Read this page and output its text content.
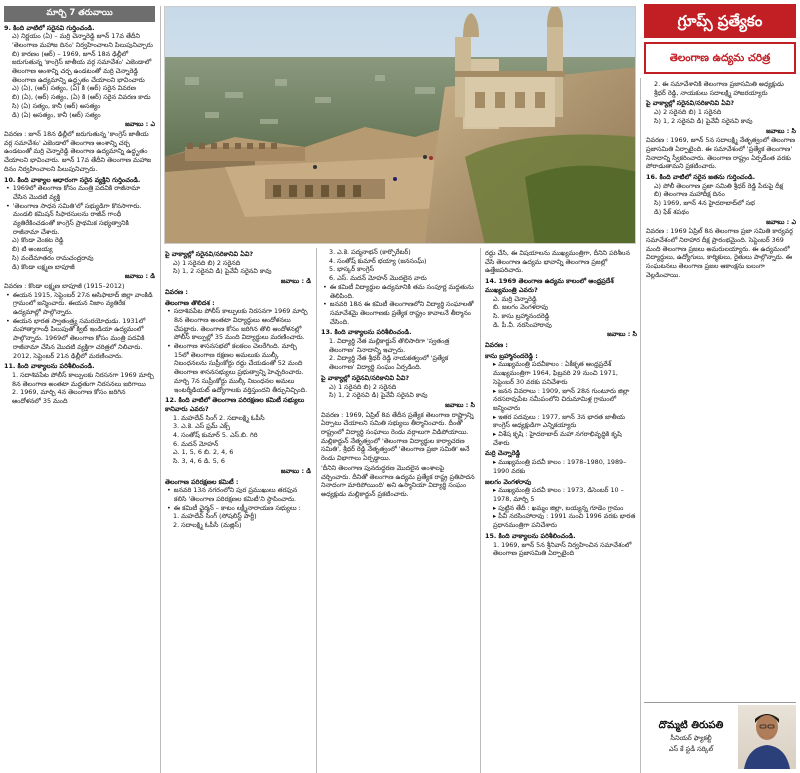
మార్చి 7 తరువాయి
9. కింది వాటిలో సరైనవి గుర్తించండి.
ఎ) నిర్ణయం (ఏ) – మర్రి చెన్నారెడ్డి జూన్ 17వ తేదీని 'తెలంగాణ మహాజ దినం' నిర్వహించాలని పిలుపునిచ్చారు
బి) కారణం (ఆర్) – 1969, జూన్ 18న ఢిల్లీలో జరుగుతున్న 'కాంగ్రెస్ జాతీయ వర్గ సమావేశం' ఎజెండాలో తెలంగాణ అంశాన్ని చర్చ ఉండటంతో మర్రి చెన్నారెడ్డి తెలంగాణ ఉద్యమాన్ని ఉద్ధృతం చేయాలని భావించారు
ఎ) (ఏ), (ఆర్) సత్యం, (ఏ) కి (ఆర్) సరైన వివరణ
బి) (ఏ), (ఆర్) సత్యం, (ఏ) కి (ఆర్) సరైన వివరణ కాదు
సి) (ఏ) సత్యం, కానీ (ఆర్) అసత్యం
డి) (ఏ) అసత్యం, కానీ (ఆర్) సత్యం
జవాబు : ఎ
వివరణ : జూన్ 18న ఢిల్లీలో జరుగుతున్న 'కాంగ్రెస్ జాతీయ వర్గ సమావేశం' ఎజెండాలో తెలంగాణ అంశాన్ని చర్చ ఉండటంతో మర్రి చెన్నారెడ్డి తెలంగాణ ఉద్యమాన్ని ఉద్ధృతం చేయాలని భావించారు. జూన్ 17వ తేదీని తెలంగాణ మహాజ దినం నిర్వహించాలని పిలుపునిచ్చారు.
10. కింది వాక్యాల ఆధారంగా సరైన వ్యక్తిని గుర్తించండి.
• 1969లో తెలంగాణ కోసం మంత్రి పదవికి రాజీనామా చేసిన మొదటి వ్యక్తి
• 'తెలంగాణ సాధన సమితి'లో సభ్యుడిగా కొనసాగారు. మండలి కమిషన్ సిఫారసులను రాజీవ్ గాంధీ వ్యతిరేకించడంతో కాంగ్రెస్ ప్రాథమిక సభ్యత్వానికి రాజీనామా చేశారు.
ఎ) కొండా వెంకట రెడ్డి
బి) టి అంజయ్య
సి) వందేమాతరం రామచంద్రరావు
డి) కొండా లక్ష్మణ బాపూజీ
జవాబు : డి
వివరణ : కొండా లక్ష్మణ బాపూజీ (1915–2012)
• ఈయన 1915, సెప్టెంబర్ 27న ఆసిఫాబాద్ జిల్లా వాంకిడి గ్రామంలో జన్మించారు. ఈయన నిజాం వ్యతిరేక ఉద్యమాల్లో పాల్గొన్నారు.
• ఈయన భారత స్వాతంత్ర్య సమరయోధుడు. 1931లో మహాత్మాగాంధీ పిలుపుతో క్విట్ ఇండియా ఉద్యమంలో పాల్గొన్నారు. 1969లో తెలంగాణ కోసం మంత్రి పదవికి రాజీనామా చేసిన మొదటి వ్యక్తిగా చరిత్రలో నిలిచారు. 2012, సెప్టెంబర్ 21న ఢిల్లీలో మరణించారు.
11. కింది వాక్యాలను పరిశీలించండి.
1. సదాశివపేట పోలీస్ కాల్పులకు నిరసనగా 1969 మార్చి 8న తెలంగాణ అంతటా మద్దతుగా నిరసనలు జరిగాయి
2. 1969, మార్చి 4న తెలంగాణ కోసం జరిగిన ఆందోళనలో 35 మంది
గ్రూప్స్ ప్రత్యేకం
తెలంగాణ ఉద్యమ చరిత్ర
పై వాక్యాల్లో సరైనవి/సరికానివి ఏవి?
ఎ) 1 సరైనది బి) 2 సరైనది
సి) 1, 2 సరైనవి డి) పైవేవీ సరైనవి కావు
జవాబు : డి
వివరణ :
తెలంగాణ తొలిదశ :
• సదాశివపేట పోలీస్ కాల్పులకు నిరసనగా 1969 మార్చి 8న తెలంగాణ అంతటా విద్యార్థులు ఆందోళనలు చేపట్టారు. తెలంగాణ కోసం జరిగిన తొలి ఆందోళనల్లో పోలీస్ కాల్పుల్లో 35 మంది విద్యార్థులు మరణించారు.
• తెలంగాణ శాసనసభలో కలకలం చెలరేగింది. మార్చి 15లో తెలంగాణ రక్షణల అమలుకు ముల్కీ నిబంధనలను సుప్రీంకోర్టు రద్దు చేయడంతో 52 మంది తెలంగాణ శాసనసభ్యులు ప్రభుత్వాన్ని హెచ్చరించారు. మార్చి 7న సుప్రీంకోర్టు ముల్కీ నిబంధనల అమలు ఇంటర్మీడియట్ ఉద్యోగాలకు వర్తిస్తుందని తీర్పునిచ్చింది.
12. కింది వాటిలో తెలంగాణ పరిరక్షణల కమిటీ సభ్యులు కానివారు ఎవరు?
1. మహదేవ్ సింగ్ 2. సదాలక్ష్మి ఓపీసీ
3. ఎ.కె. ఎస్ ఫ్రమ్ ఎక్స్
4. సంతోష్ కుమార్ 5. ఎస్.బి. గిరి
6. మదన్ మోహన్
ఎ. 1, 5, 6 బి. 2, 4, 6
సి. 3, 4, 6 డి. 5, 6
జవాబు : డి
తెలంగాణ పరిరక్షణల కమిటీ :
• జనవరి 13న నగరంలోని పుర ప్రముఖులు తరఫున కలిసి 'తెలంగాణ పరిరక్షణల కమిటీ'ని స్థాపించారు.
• ఈ కమిటీ ఛైర్మన్ – కాటం లక్ష్మీనారాయణ సభ్యులు :
1. మహదేవ్ సింగ్ (సోషలిస్ట్ పార్టీ)
2. సదాలక్ష్మి ఓపీసీ (మజ్లిస్)
3. ఎ.కె. పద్మనాభన్ (కార్పొరేటర్)
4. సంతోష్ కుమార్ భయ్యా (జనసంఘ్)
5. భాస్కర్ కాంగ్రెస్
6. ఎస్. మదన్ మోహన్ మొదలైన వారు
• ఈ కమిటీ విద్యార్థుల ఉద్యమానికి తమ సంపూర్ణ మద్దతును తెలిపింది.
• జనవరి 18న ఈ కమిటీ తెలంగాణలోని విద్యార్థి సంఘాలతో సమావేశమై తెలంగాణకు ప్రత్యేక రాష్ట్రం కావాలనే తీర్మానం చేసింది.
13. కింది వాక్యాలను పరిశీలించండి.
1. విద్యార్థి నేత మల్లికార్జున్ తొలిసారిగా 'స్వతంత్ర తెలంగాణ' నినాదాన్ని ఇచ్చారు.
2. విద్యార్థి నేత శ్రీధర్ రెడ్డి నాయకత్వంలో 'ప్రత్యేక తెలంగాణ' విద్యార్థి సంఘం ఏర్పడింది.
పై వాక్యాల్లో సరైనవి/సరికానివి ఏవి?
ఎ) 1 సరైనది బి) 2 సరైనది
సి) 1, 2 సరైనవి డి) పైవేవీ సరైనవి కావు
జవాబు : సి
వివరణ : 1969, ఏప్రిల్ 8వ తేదీన ప్రత్యేక తెలంగాణ రాష్ట్రాన్ని ఏర్పాటు చేయాలని సమితి సభ్యులు తీర్మానించారు. దీంతో రాష్ట్రంలో విద్యార్థి సంఘాలు రెండు వర్గాలుగా విడిపోయాయి. మల్లికార్జున్ నేతృత్వంలో 'తెలంగాణ విద్యార్థుల కార్యాచరణ సమితి', శ్రీధర్ రెడ్డి నేతృత్వంలో 'తెలంగాణ ప్రజా సమితి' అనే రెండు విభాగాలు ఏర్పడ్డాయి.
'దీనిని తెలంగాణ పునరుద్ధరణ మొదలైన అంశాలపై చర్చించారు. దీనితో తెలంగాణ ఉద్యమ ప్రత్యేక రాష్ట్ర ప్రతిపాదన నినాదంగా మారిపోయింది' అని ఉస్మానియా విద్యార్థి సంఘం అధ్యక్షుడు మల్లికార్జున్ ప్రకటించారు.
రద్దు చేసి, ఈ విషయాలను ముఖ్యమంత్రిగా, దీనిని పరిశీలన చేసి తెలంగాణ ఉద్యమ భావాన్ని తెలంగాణ ప్రజల్లో ఉత్తేజపరిచారు.
14. 1969 తెలంగాణ ఉద్యమ కాలంలో ఆంధ్రప్రదేశ్ ముఖ్యమంత్రి ఎవరు?
ఎ. మర్రి చెన్నారెడ్డి
బి. జలగం వెంగళరావు
సి. కాసు బ్రహ్మానందరెడ్డి
డి. పీ.వీ. నరసింహారావు
జవాబు : సి
వివరణ :
కాసు బ్రహ్మానందరెడ్డి :
▸ ముఖ్యమంత్రి పదవీకాలం : ఏకీకృత ఆంధ్రప్రదేశ్ ముఖ్యమంత్రిగా 1964, ఫిబ్రవరి 29 నుంచి 1971, సెప్టెంబర్ 30 వరకు పనిచేశారు
▸ జనన వివరాలు : 1909, జూన్ 28న గుంటూరు జిల్లా నరసరావుపేట సమీపంలోని చిరుమామిళ్ల గ్రామంలో జన్మించారు
▸ ఇతర పదవులు : 1977, జూన్ 3న భారత జాతీయ కాంగ్రెస్ అధ్యక్షుడిగా ఎన్నికయ్యారు
▸ విశేష కృషి : హైదరాబాద్ మహా నగరాభివృద్ధికి కృషి చేశారు
మర్రి చెన్నారెడ్డి
▸ ముఖ్యమంత్రి పదవీ కాలం : 1978–1980, 1989–1990 వరకు
జలగం వెంగళరావు
▸ ముఖ్యమంత్రి పదవీ కాలం : 1973, డిసెంబర్ 10 – 1978, మార్చి 5
▸ పుట్టిన తేదీ : ఖమ్మం జిల్లా, బయ్యన్న గూడెం గ్రామం
▸ పీవీ నరసింహారావు : 1991 నుంచి 1996 వరకు భారత ప్రధానమంత్రిగా పనిచేశారు
15. కింది వాక్యాలను పరిశీలించండి.
1. 1969, జూన్ 5న శ్రీనివాస్ నిర్వహించిన సమావేశంలో తెలంగాణ ప్రజాసమితి ఏర్పాటైంది
2. ఈ సమావేశానికి తెలంగాణ ప్రజాసమితి అధ్యక్షుడు శ్రీధర్ రెడ్డి, నాయకులు సదాలక్ష్మి హాజరయ్యారు
పై వాక్యాల్లో సరైనవి/సరికానివి ఏవి?
ఎ) 2 సరైనది బి) 1 సరైనది
సి) 1, 2 సరైనవి డి) పైవేవీ సరైనవి కావు
జవాబు : సి
వివరణ : 1969, జూన్ 5న సదాలక్ష్మి నేతృత్వంలో తెలంగాణ ప్రజాసమితి ఏర్పాటైంది. ఈ సమావేశంలో 'ప్రత్యేక తెలంగాణ' నినాదాన్ని స్వీకరించారు. తెలంగాణ రాష్ట్రం ఏర్పడేంత వరకు పోరాడుతామని ప్రకటించారు.
16. కింది వాటిలో సరైన జతను గుర్తించండి.
ఎ) పోలీ తెలంగాణ ప్రజా సమితి శ్రీధర్ రెడ్డి పేరుపై దీక్ష
బి) తెలంగాణ మహాదీక్ష దినం
సి) 1969, జూన్ 4న హైదరాబాద్‌లో సభ
డి) ఫేక్ శపథం
జవాబు : ఎ
వివరణ : 1969 ఏప్రిల్ 8న తెలంగాణ ప్రజా సమితి కార్యవర్గ సమావేశంలో నిరాహార దీక్ష ప్రారంభమైంది. సెప్టెంబర్ 369 మంది తెలంగాణ ప్రజలు అమరులయ్యారు. ఈ ఉద్యమంలో విద్యార్థులు, ఉద్యోగులు, కార్మికులు, రైతులు పాల్గొన్నారు. ఈ సంఘటనలు తెలంగాణ ప్రజల ఆకాంక్షను బలంగా వెల్లడించాయి.
దొమ్మటి తిరుపతి
సీనియర్ ఫ్యాకల్టీ
ఎస్ కే స్టడీ సర్కిల్
